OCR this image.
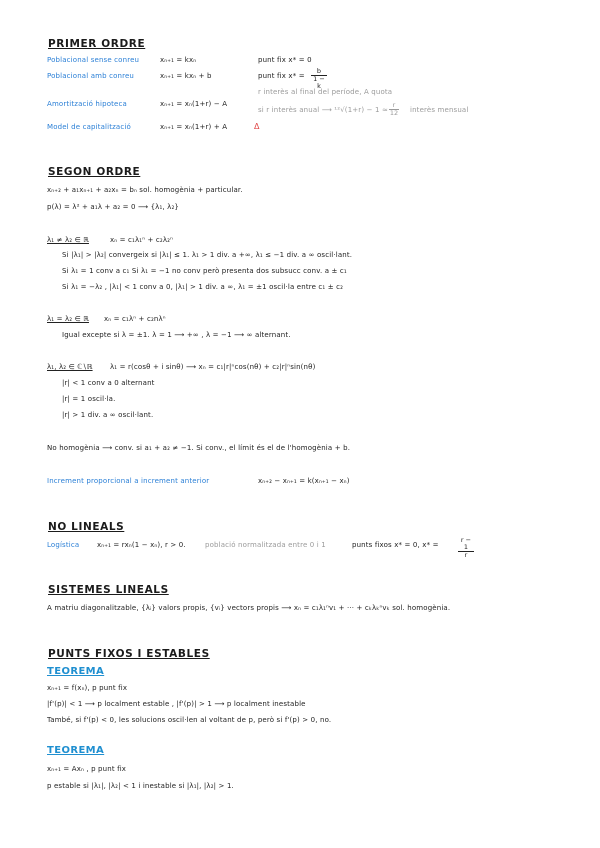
PRIMER ORDRE
Poblacional sense conreu	xₙ₊₁ = kxₙ	punt fix x* = 0
Poblacional amb conreu	xₙ₊₁ = kxₙ + b	punt fix $x* = \frac{b}{1 - k}$
r interès al final del període, A quota
Amortització hipoteca	xₙ₊₁ = xₙ(1+r) − A
si r interès anual ⟶ $^{12}√(1+r) - 1 \approx \frac{r}{12}$ interès mensual
Model de capitalització	xₙ₊₁ = xₙ(1+r) + A	Δ
SEGON ORDRE
xₙ₊₂ + a₁xₙ₊₁ + a₂xₙ = bₙ sol. homogènia + particular.
p(λ) = λ² + a₁λ + a₂ = 0 ⟶ {λ₁, λ₂}
λ₁ ≠ λ₂ ∈ ℝ	xₙ = c₁λ₁ⁿ + c₂λ₂ⁿ
Si |λ₁| > |λ₂| convergeix si |λ₁| ≤ 1. λ₁ > 1 div. a +∞, λ₁ ≤ −1 div. a ∞ oscil·lant.
Si λ₁ = 1 conv a c₁ Si λ₁ = −1 no conv però presenta dos subsucc conv. a ± c₁
Si λ₁ = −λ₂ , |λ₁| < 1 conv a 0, |λ₁| > 1 div. a ∞, λ₁ = ±1 oscil·la entre c₁ ± c₂
λ₁ = λ₂ ∈ ℝ xₙ = c₁λⁿ + c₂nλⁿ
Igual excepte si λ = ±1. λ = 1 ⟶ +∞ , λ = −1 ⟶ ∞ alternant.
λ₁, λ₂ ∈ ℂ∖ℝ λ₁ = r(cosθ + i sinθ) ⟶ xₙ = c₁|r|ⁿcos(nθ) + c₂|r|ⁿsin(nθ)
|r| < 1 conv a 0 alternant
|r| = 1 oscil·la.
|r| > 1 div. a ∞ oscil·lant.
No homogènia ⟶ conv. si a₁ + a₂ ≠ −1. Si conv., el límit és el de l'homogènia + b.
Increment proporcional a increment anterior	xₙ₊₂ − xₙ₊₁ = k(xₙ₊₁ − xₙ)
NO LINEALS
Logística	xₙ₊₁ = rxₙ(1 − xₙ), r > 0.	població normalitzada entre 0 i 1	punts fixos x* = 0, x* =	$\frac{r - 1}{r}$
SISTEMES LINEALS
A matriu diagonalitzable, {λᵢ} valors propis, {vᵢ} vectors propis ⟶ xₙ = c₁λ₁ⁿv₁ + ··· + cₖλₖⁿvₖ sol. homogènia.
PUNTS FIXOS I ESTABLES
TEOREMA
xₙ₊₁ = f(xₙ), p punt fix
|f'(p)| < 1 ⟶ p localment estable , |f'(p)| > 1 ⟶ p localment inestable
També, si f'(p) < 0, les solucions oscil·len al voltant de p, però si f'(p) > 0, no.
TEOREMA
xₙ₊₁ = Axₙ , p punt fix
p estable si |λ₁|, |λ₂| < 1 i inestable si |λ₁|, |λ₂| > 1.
